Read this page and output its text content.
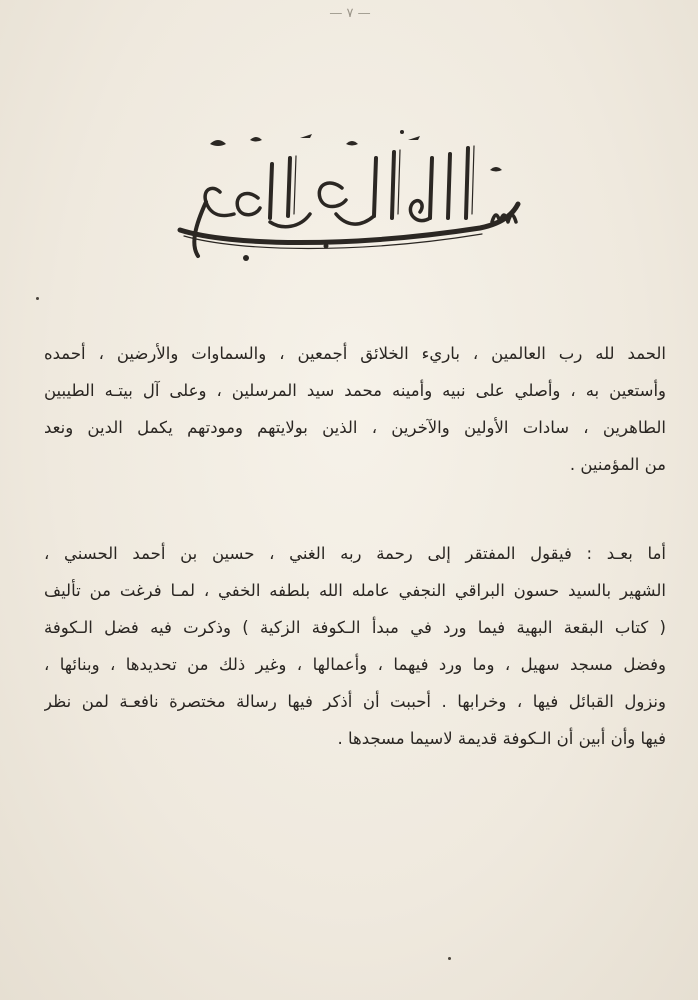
— ٧ —
الحمد لله رب العالمين ، باريء الخلائق أجمعين ، والسماوات والأرضين ، أحمده
وأستعين به ، وأصلي على نبيه وأمينه محمد سيد المرسلين ، وعلى آل بيتـه الطيبين
الطاهرين ، سادات الأولين والآخرين ، الذين بولايتهم ومودتهم يكمل الدين ونعد
من المؤمنين .
أما بعـد : فيقول المفتقر إلى رحمة ربه الغني ، حسين بن أحمد الحسني ،
الشهير بالسيد حسون البراقي النجفي عامله الله بلطفه الخفي ، لمـا فرغت من تأليف
( كتاب البقعة البهية فيما ورد في مبدأ الـكوفة الزكية ) وذكرت فيه فضل الـكوفة
وفضل مسجد سهيل ، وما ورد فيهما ، وأعمالها ، وغير ذلك من تحديدها ، وبنائها ،
ونزول القبائل فيها ، وخرابها . أحببت أن أذكر فيها رسالة مختصرة نافعـة لمن نظر
فيها وأن أبين أن الـكوفة قديمة لاسيما مسجدها .
